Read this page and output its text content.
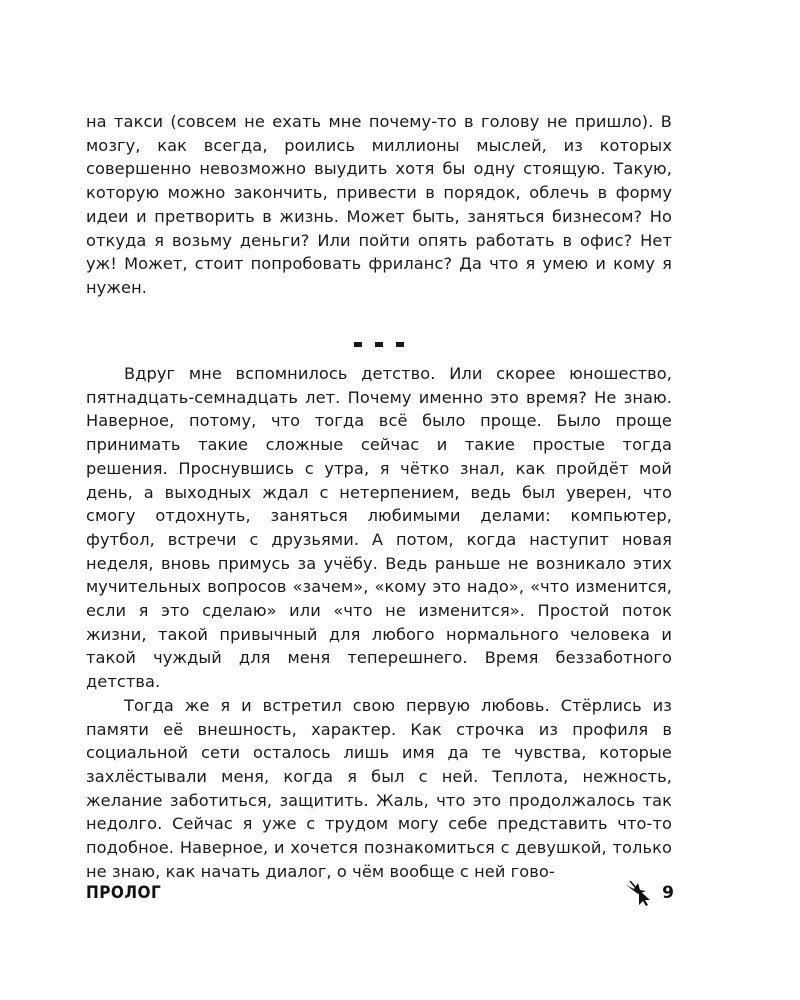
на такси (совсем не ехать мне почему-то в голову не пришло). В мозгу, как всегда, роились миллионы мыслей, из которых совершенно невозможно выудить хотя бы одну стоящую. Такую, которую можно закончить, привести в порядок, облечь в форму идеи и претворить в жизнь. Может быть, заняться бизнесом? Но откуда я возьму деньги? Или пойти опять работать в офис? Нет уж! Может, стоит попробовать фриланс? Да что я умею и кому я нужен.

Вдруг мне вспомнилось детство. Или скорее юношество, пятнадцать-семнадцать лет. Почему именно это время? Не знаю. Наверное, потому, что тогда всё было проще. Было проще принимать такие сложные сейчас и такие простые тогда решения. Проснувшись с утра, я чётко знал, как пройдёт мой день, а выходных ждал с нетерпением, ведь был уверен, что смогу отдохнуть, заняться любимыми делами: компьютер, футбол, встречи с друзьями. А потом, когда наступит новая неделя, вновь примусь за учёбу. Ведь раньше не возникало этих мучительных вопросов «зачем», «кому это надо», «что изменится, если я это сделаю» или «что не изменится». Простой поток жизни, такой привычный для любого нормального человека и такой чуждый для меня теперешнего. Время беззаботного детства.

Тогда же я и встретил свою первую любовь. Стёрлись из памяти её внешность, характер. Как строчка из профиля в социальной сети осталось лишь имя да те чувства, которые захлёстывали меня, когда я был с ней. Теплота, нежность, желание заботиться, защитить. Жаль, что это продолжалось так недолго. Сейчас я уже с трудом могу себе представить что-то подобное. Наверное, и хочется познакомиться с девушкой, только не знаю, как начать диалог, о чём вообще с ней гово-

ПРОЛОГ	9
